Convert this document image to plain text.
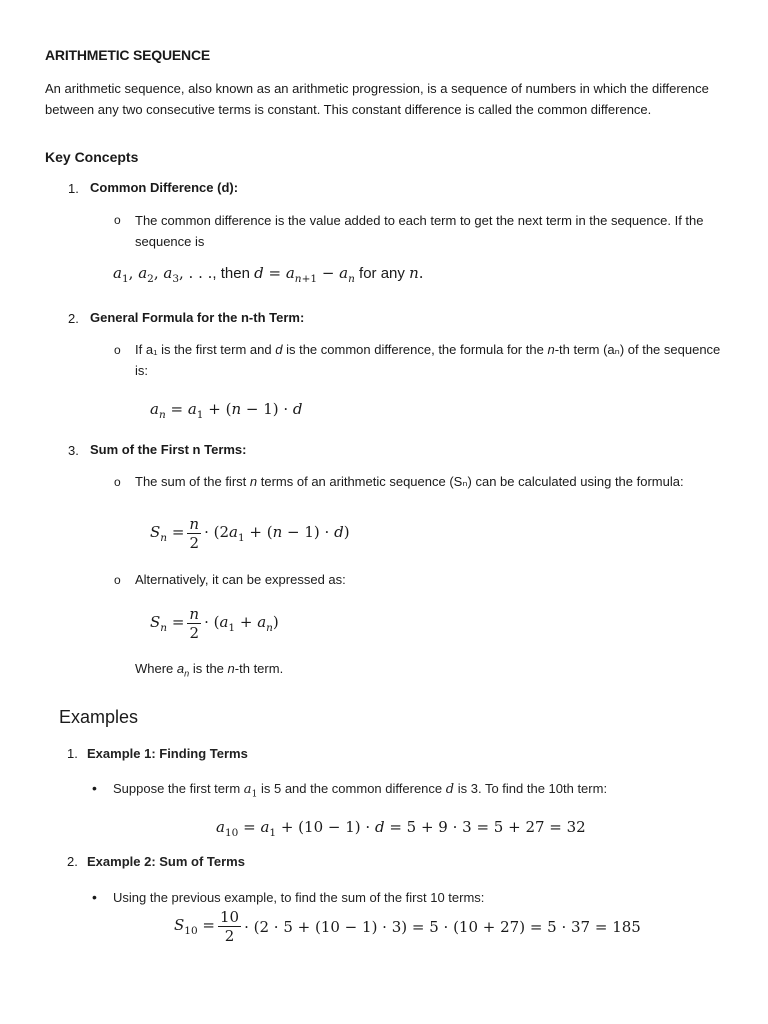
ARITHMETIC SEQUENCE
An arithmetic sequence, also known as an arithmetic progression, is a sequence of numbers in which the difference between any two consecutive terms is constant. This constant difference is called the common difference.
Key Concepts
1. Common Difference (d):
o The common difference is the value added to each term to get the next term in the sequence. If the sequence is
$a_1$, $a_2$, $a_3$, . . ., then $d = a_{n+1} - a_n$ for any n.
2. General Formula for the n-th Term:
o If a₁ is the first term and d is the common difference, the formula for the n-th term (aₙ) of the sequence is:
$a_n = a_1 + (n - 1) \cdot d$
3. Sum of the First n Terms:
o The sum of the first n terms of an arithmetic sequence (Sₙ) can be calculated using the formula:
$S_n = \frac{n}{2} \cdot (2a_1 + (n - 1) \cdot d)$
o Alternatively, it can be expressed as:
$S_n = \frac{n}{2} \cdot (a_1 + a_n)$
Where $a_n$ is the n-th term.
Examples
1. Example 1: Finding Terms
• Suppose the first term $a_1$ is 5 and the common difference d is 3. To find the 10th term:
$a_{10} = a_1 + (10 - 1) \cdot d = 5 + 9 \cdot 3 = 5 + 27 = 32$
2. Example 2: Sum of Terms
• Using the previous example, to find the sum of the first 10 terms:
$S_{10} = \frac{10}{2} \cdot (2 \cdot 5 + (10 - 1) \cdot 3) = 5 \cdot (10 + 27) = 5 \cdot 37 = 185$
